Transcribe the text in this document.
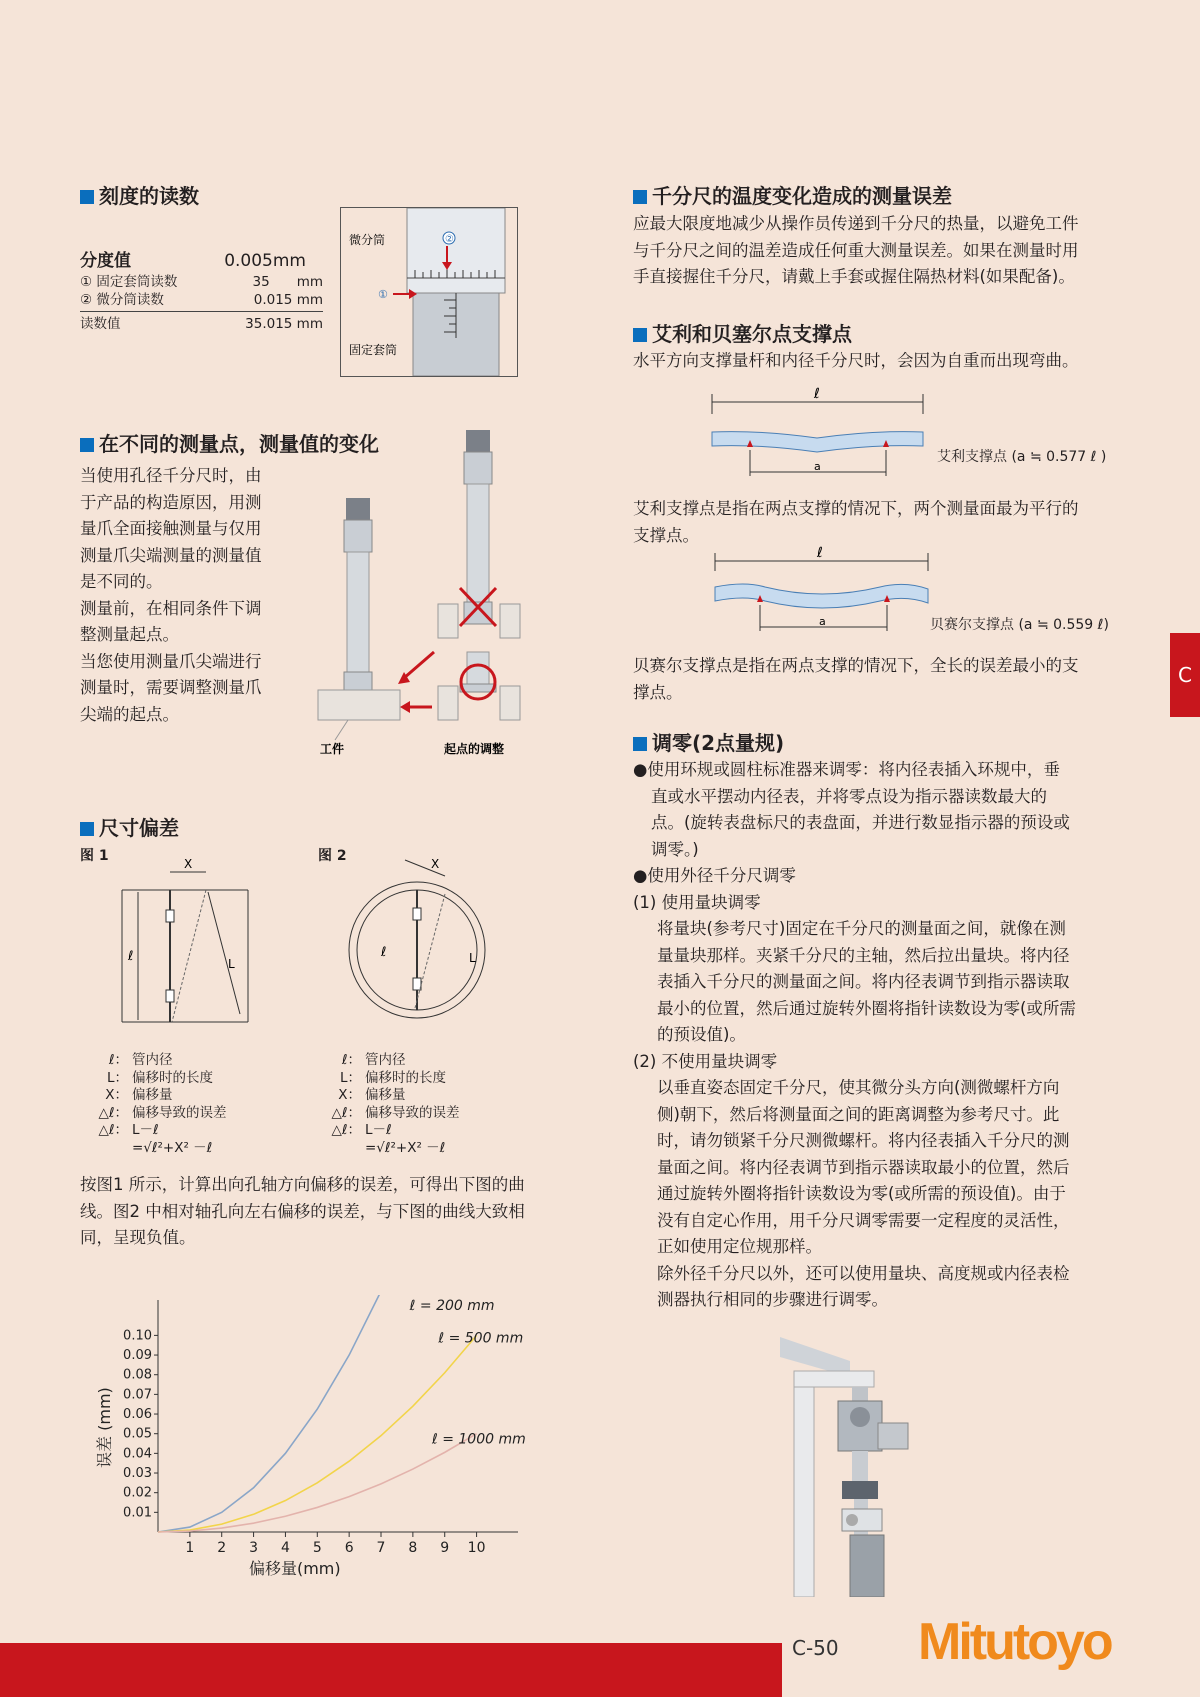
刻度的读数
分度值	0.005mm
① 固定套筒读数	35　　mm
② 微分筒读数	0.015 mm
读数值	35.015 mm
②
①
微分筒
固定套筒
在不同的测量点，测量值的变化
当使用孔径千分尺时，由
于产品的构造原因，用测
量爪全面接触测量与仅用
测量爪尖端测量的测量值
是不同的。
测量前，在相同条件下调
整测量起点。
当您使用测量爪尖端进行
测量时，需要调整测量爪
尖端的起点。
工件	起点的调整
尺寸偏差
图 1	图 2
X
ℓ	L
X
ℓ	L
ℓ： 管内径
L： 偏移时的长度
X： 偏移量
△ℓ： 偏移导致的误差
△ℓ： L－ℓ
=√ℓ²+X² －ℓ
ℓ： 管内径
L： 偏移时的长度
X： 偏移量
△ℓ： 偏移导致的误差
△ℓ： L－ℓ
=√ℓ²+X² －ℓ
按图1 所示，计算出向孔轴方向偏移的误差，可得出下图的曲
线。图2 中相对轴孔向左右偏移的误差，与下图的曲线大致相
同，呈现负值。
1 2 3 4 5 6 7 8 9 10
0.01
0.02
0.03
0.04
0.05
0.06
0.07
0.08
0.09
0.10
偏移量(mm)
误差 (mm)
ℓ = 200 mm
ℓ = 500 mm
ℓ = 1000 mm
千分尺的温度变化造成的测量误差
应最大限度地减少从操作员传递到千分尺的热量，以避免工件
与千分尺之间的温差造成任何重大测量误差。如果在测量时用
手直接握住千分尺，请戴上手套或握住隔热材料(如果配备)。
艾利和贝塞尔点支撑点
水平方向支撑量杆和内径千分尺时，会因为自重而出现弯曲。
ℓ
a
艾利支撑点 (a ≒ 0.577 ℓ )
艾利支撑点是指在两点支撑的情况下，两个测量面最为平行的
支撑点。
ℓ
a	贝赛尔支撑点 (a ≒ 0.559 ℓ)
贝赛尔支撑点是指在两点支撑的情况下，全长的误差最小的支
撑点。
调零(2点量规)
●使用环规或圆柱标准器来调零：将内径表插入环规中，垂
直或水平摆动内径表，并将零点设为指示器读数最大的
点。(旋转表盘标尺的表盘面，并进行数显指示器的预设或
调零。)
●使用外径千分尺调零
(1) 使用量块调零
将量块(参考尺寸)固定在千分尺的测量面之间，就像在测
量量块那样。夹紧千分尺的主轴，然后拉出量块。将内径
表插入千分尺的测量面之间。将内径表调节到指示器读取
最小的位置，然后通过旋转外圈将指针读数设为零(或所需
的预设值)。
(2) 不使用量块调零
以垂直姿态固定千分尺，使其微分头方向(测微螺杆方向
侧)朝下，然后将测量面之间的距离调整为参考尺寸。此
时，请勿锁紧千分尺测微螺杆。将内径表插入千分尺的测
量面之间。将内径表调节到指示器读取最小的位置，然后
通过旋转外圈将指针读数设为零(或所需的预设值)。由于
没有自定心作用，用千分尺调零需要一定程度的灵活性，
正如使用定位规那样。
除外径千分尺以外，还可以使用量块、高度规或内径表检
测器执行相同的步骤进行调零。
C
C-50 Mitutoyo
